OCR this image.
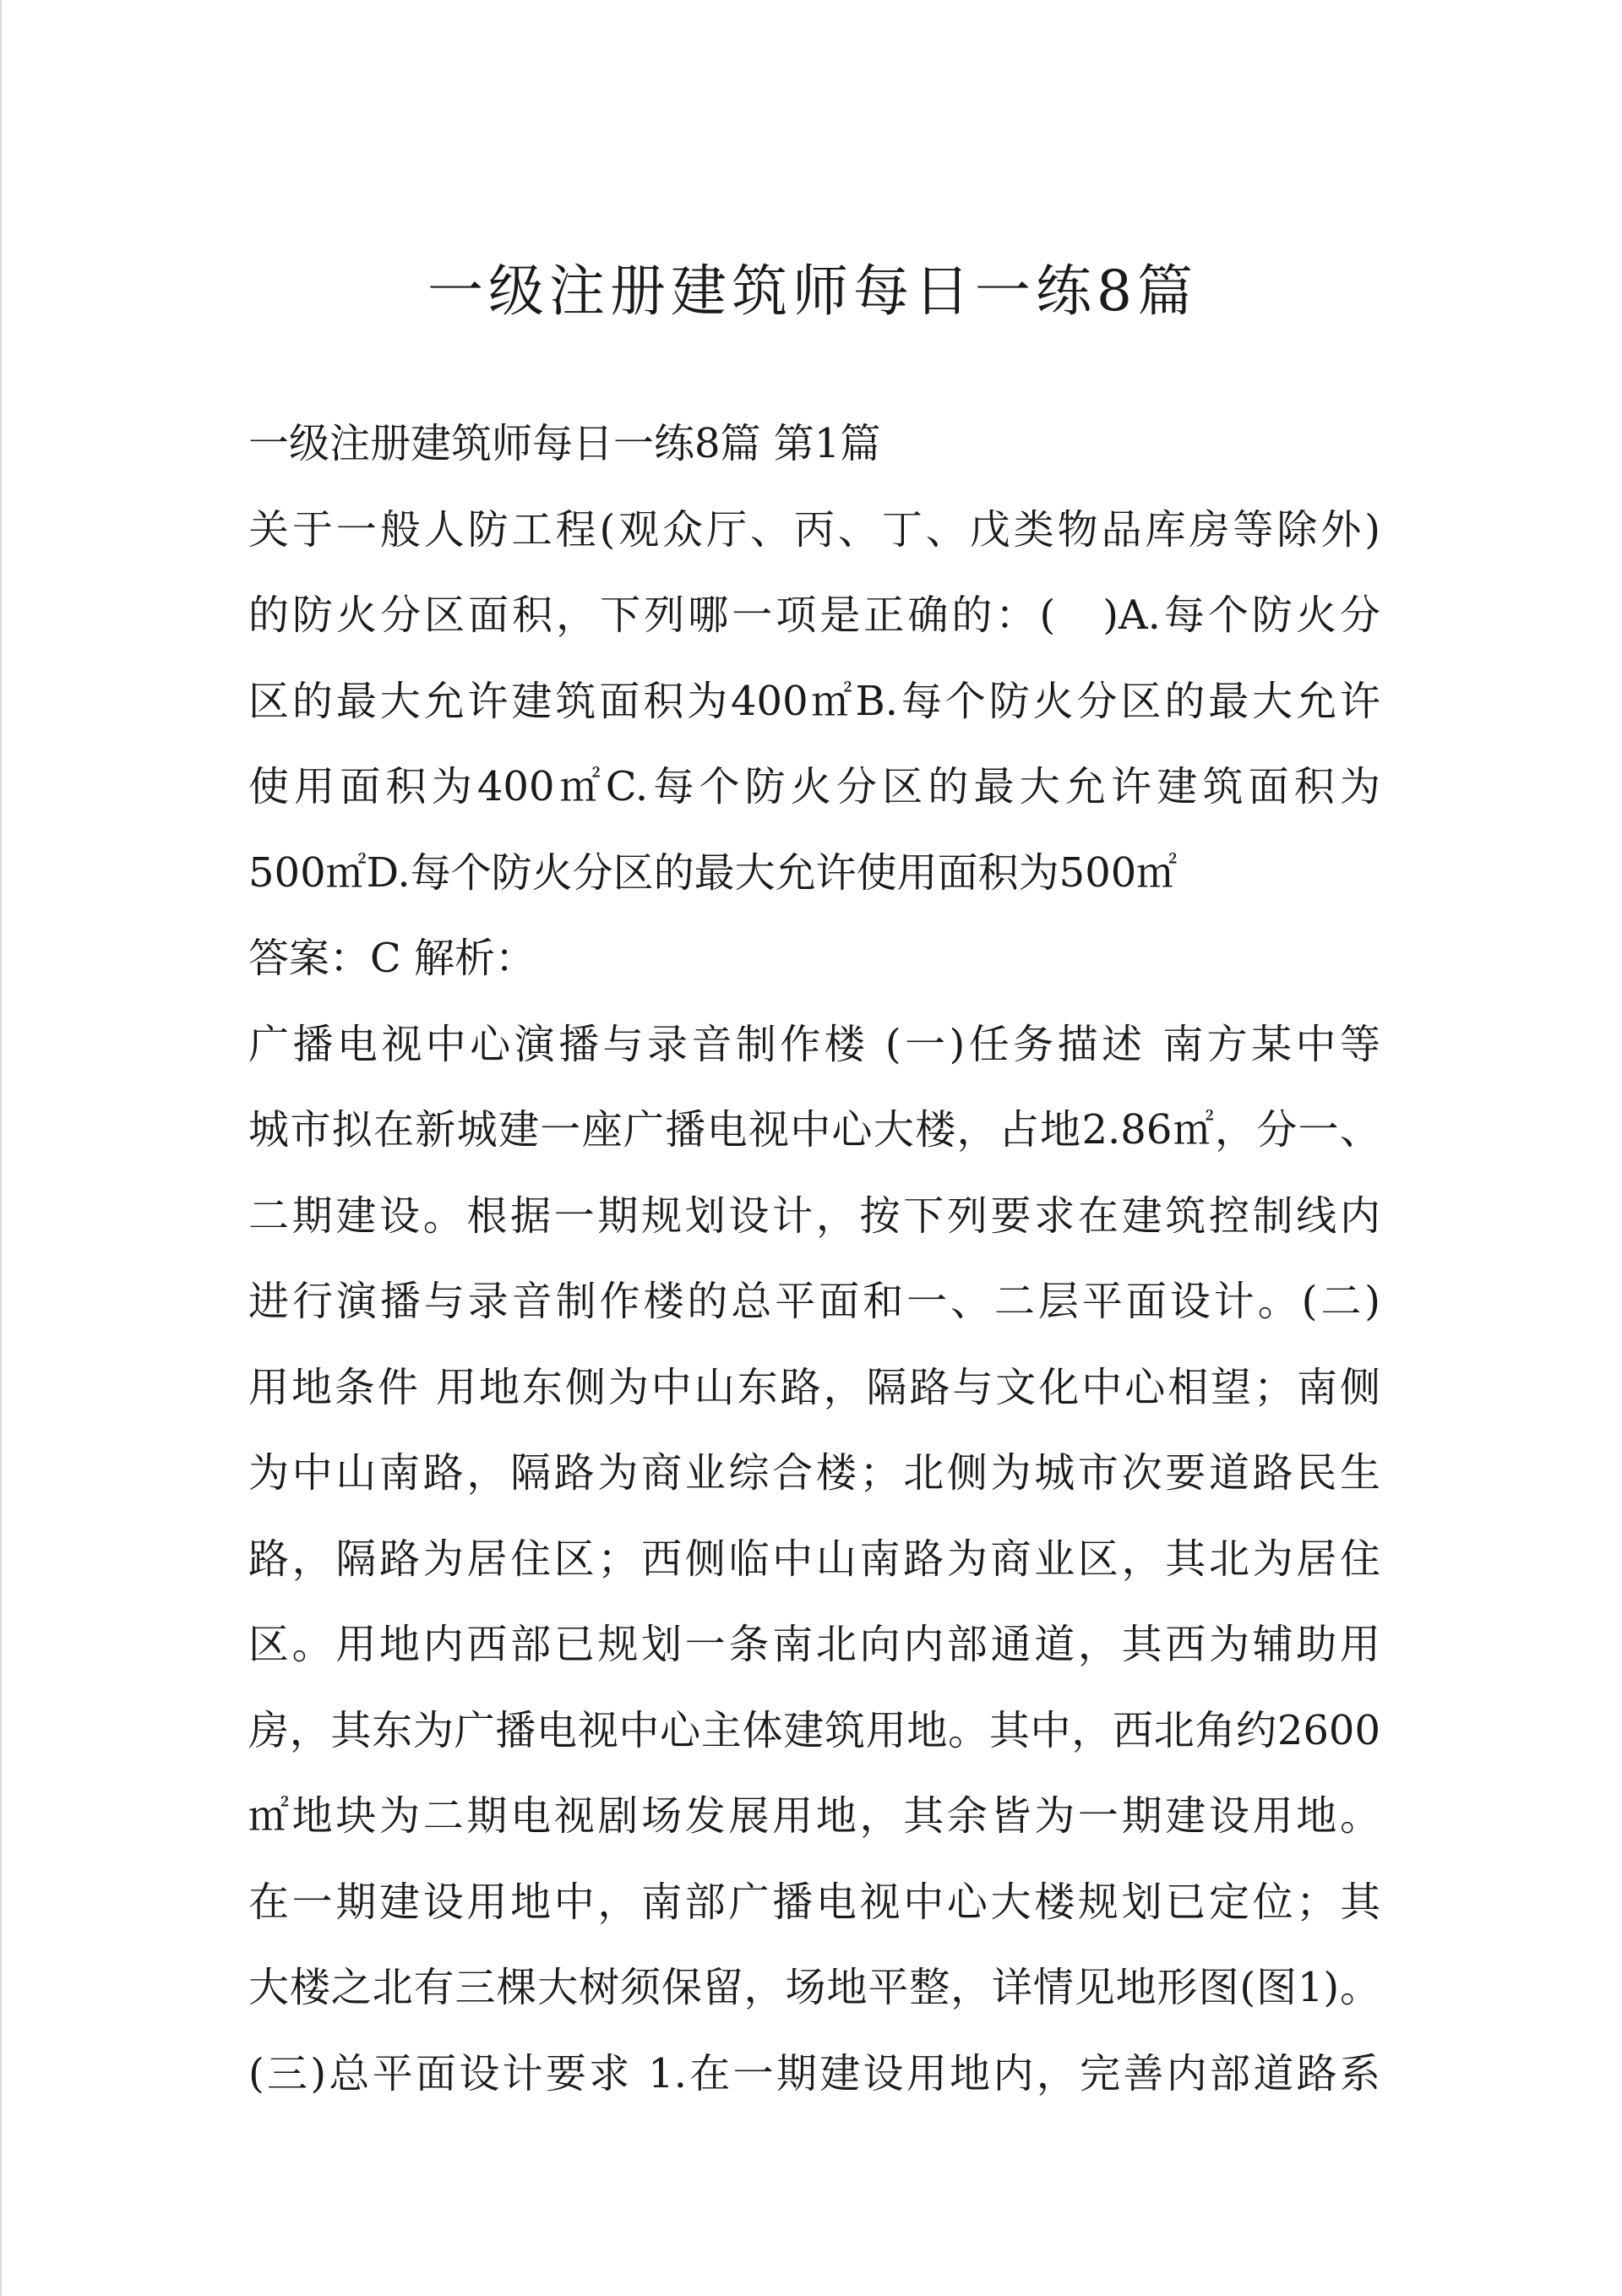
一级注册建筑师每日一练8篇
一级注册建筑师每日一练8篇 第1篇
关于一般人防工程(观众厅、丙、丁、戊类物品库房等除外)
的防火分区面积，下列哪一项是正确的：(　)A.每个防火分
区的最大允许建筑面积为400㎡B.每个防火分区的最大允许
使用面积为400㎡C.每个防火分区的最大允许建筑面积为
500㎡D.每个防火分区的最大允许使用面积为500㎡
答案：C 解析：
广播电视中心演播与录音制作楼 (一)任务描述 南方某中等
城市拟在新城建一座广播电视中心大楼，占地2.86㎡，分一、
二期建设。根据一期规划设计，按下列要求在建筑控制线内
进行演播与录音制作楼的总平面和一、二层平面设计。(二)
用地条件 用地东侧为中山东路，隔路与文化中心相望；南侧
为中山南路，隔路为商业综合楼；北侧为城市次要道路民生
路，隔路为居住区；西侧临中山南路为商业区，其北为居住
区。用地内西部已规划一条南北向内部通道，其西为辅助用
房，其东为广播电视中心主体建筑用地。其中，西北角约2600
㎡地块为二期电视剧场发展用地，其余皆为一期建设用地。
在一期建设用地中，南部广播电视中心大楼规划已定位；其
大楼之北有三棵大树须保留，场地平整，详情见地形图(图1)。
(三)总平面设计要求 1.在一期建设用地内，完善内部道路系
